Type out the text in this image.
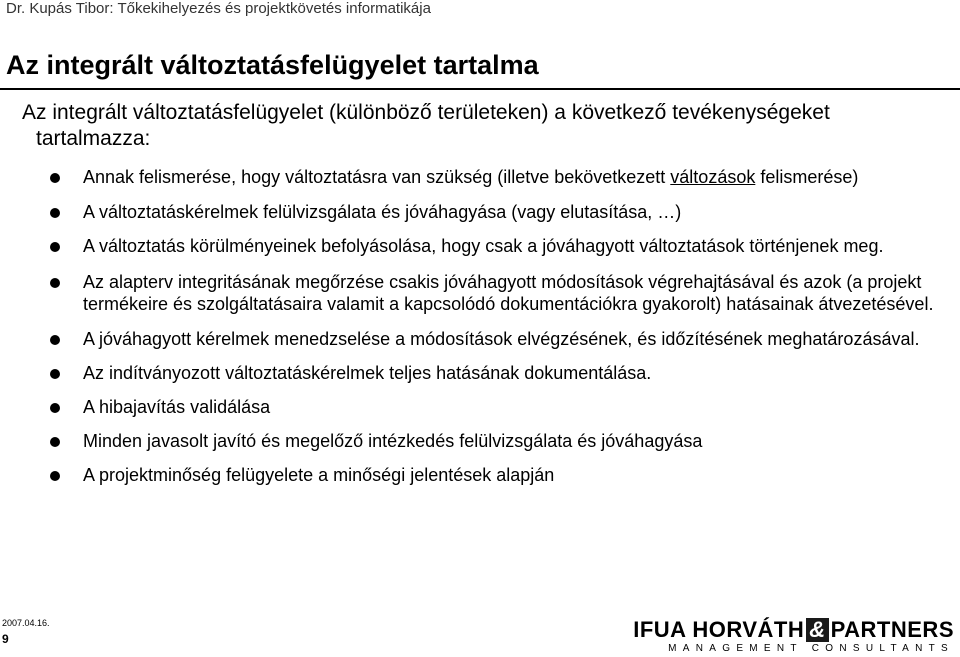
Dr. Kupás Tibor: Tőkekihelyezés és projektkövetés informatikája
Az integrált változtatásfelügyelet tartalma
Az integrált változtatásfelügyelet (különböző területeken) a következő tevékenységeket
tartalmazza:
Annak felismerése, hogy változtatásra van szükség (illetve bekövetkezett változások felismerése)
A változtatáskérelmek felülvizsgálata és jóváhagyása (vagy elutasítása, …)
A változtatás körülményeinek befolyásolása, hogy csak a jóváhagyott változtatások történjenek meg.
Az alapterv integritásának megőrzése csakis jóváhagyott módosítások végrehajtásával és azok (a projekt termékeire és szolgáltatásaira valamit a kapcsolódó dokumentációkra gyakorolt) hatásainak átvezetésével.
A jóváhagyott kérelmek menedzselése a módosítások elvégzésének, és időzítésének meghatározásával.
Az indítványozott változtatáskérelmek teljes hatásának dokumentálása.
A hibajavítás validálása
Minden javasolt javító és megelőző intézkedés felülvizsgálata és jóváhagyása
A projektminőség felügyelete a minőségi jelentések alapján
2007.04.16.
9	IFUA HORVÁTH & PARTNERS
MANAGEMENT CONSULTANTS
